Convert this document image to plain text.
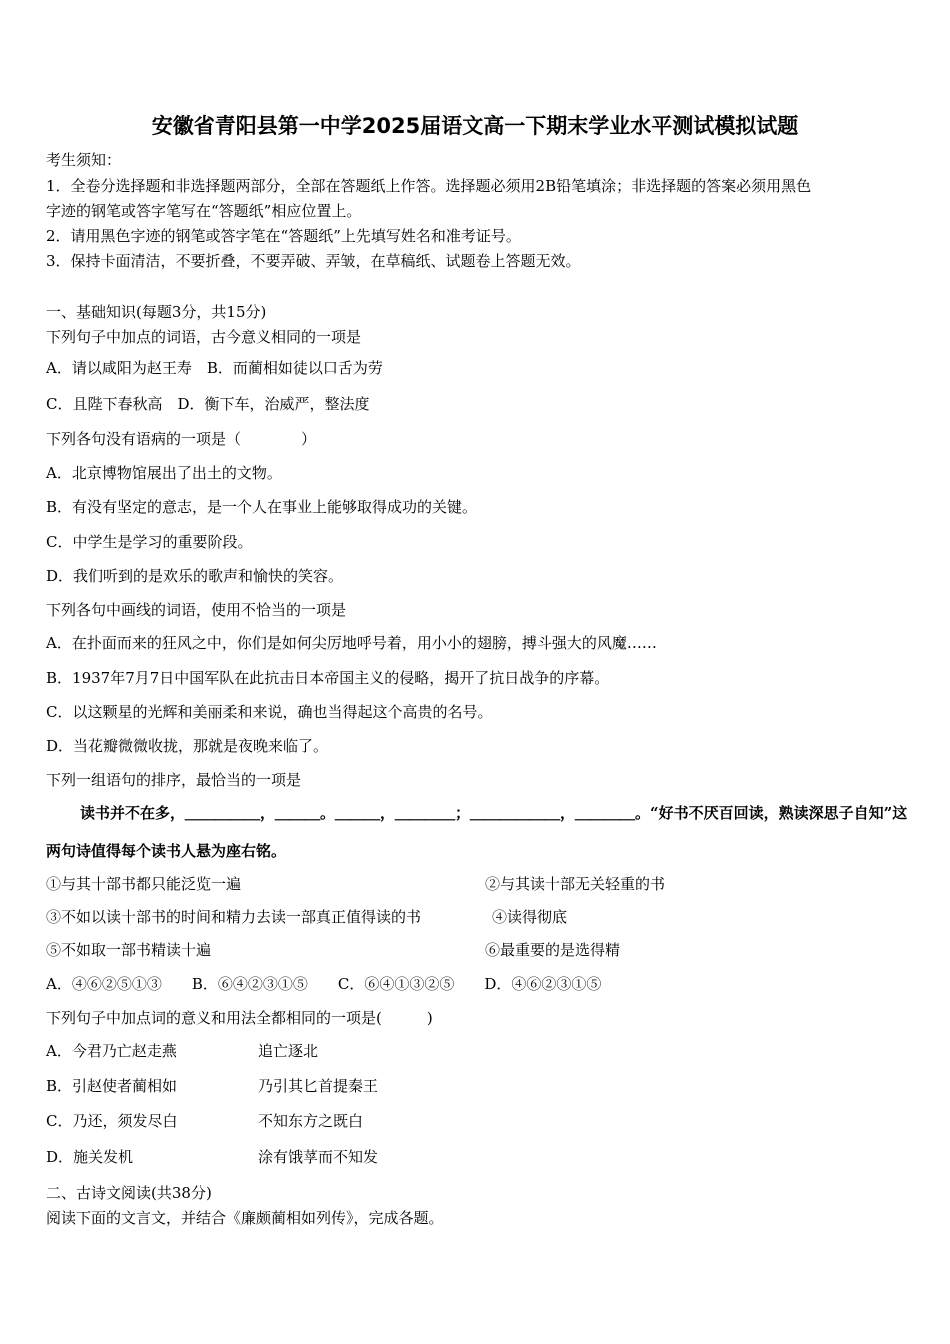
安徽省青阳县第一中学2025届语文高一下期末学业水平测试模拟试题
考生须知：
1．全卷分选择题和非选择题两部分，全部在答题纸上作答。选择题必须用2B铅笔填涂；非选择题的答案必须用黑色
字迹的钢笔或答字笔写在“答题纸”相应位置上。
2．请用黑色字迹的钢笔或答字笔在“答题纸”上先填写姓名和准考证号。
3．保持卡面清洁，不要折叠，不要弄破、弄皱，在草稿纸、试题卷上答题无效。
一、基础知识(每题3分，共15分)
下列句子中加点的词语，古今意义相同的一项是
A．请以咸阳为赵王寿　B．而蔺相如徒以口舌为劳
C．且陛下春秋高　D．衡下车，治威严，整法度
下列各句没有语病的一项是（　　　　）
A．北京博物馆展出了出土的文物。
B．有没有坚定的意志，是一个人在事业上能够取得成功的关键。
C．中学生是学习的重要阶段。
D．我们听到的是欢乐的歌声和愉快的笑容。
下列各句中画线的词语，使用不恰当的一项是
A．在扑面而来的狂风之中，你们是如何尖厉地呼号着，用小小的翅膀，搏斗强大的风魔……
B．1937年7月7日中国军队在此抗击日本帝国主义的侵略，揭开了抗日战争的序幕。
C．以这颗星的光辉和美丽柔和来说，确也当得起这个高贵的名号。
D．当花瓣微微收拢，那就是夜晚来临了。
下列一组语句的排序，最恰当的一项是
读书并不在多，＿＿＿＿＿，＿＿＿。＿＿＿，＿＿＿＿；＿＿＿＿＿＿，＿＿＿＿。“好书不厌百回读，熟读深思子自知”这
两句诗值得每个读书人悬为座右铭。
①与其十部书都只能泛览一遍	②与其读十部无关轻重的书
③不如以读十部书的时间和精力去读一部真正值得读的书	④读得彻底
⑤不如取一部书精读十遍	⑥最重要的是选得精
A．④⑥②⑤①③　　B．⑥④②③①⑤　　C．⑥④①③②⑤　　D．④⑥②③①⑤
下列句子中加点词的意义和用法全都相同的一项是(　　　)
A．今君乃亡赵走燕	追亡逐北
B．引赵使者蔺相如	乃引其匕首提秦王
C．乃还，须发尽白	不知东方之既白
D．施关发机	涂有饿莩而不知发
二、古诗文阅读(共38分)
阅读下面的文言文，并结合《廉颇蔺相如列传》，完成各题。
